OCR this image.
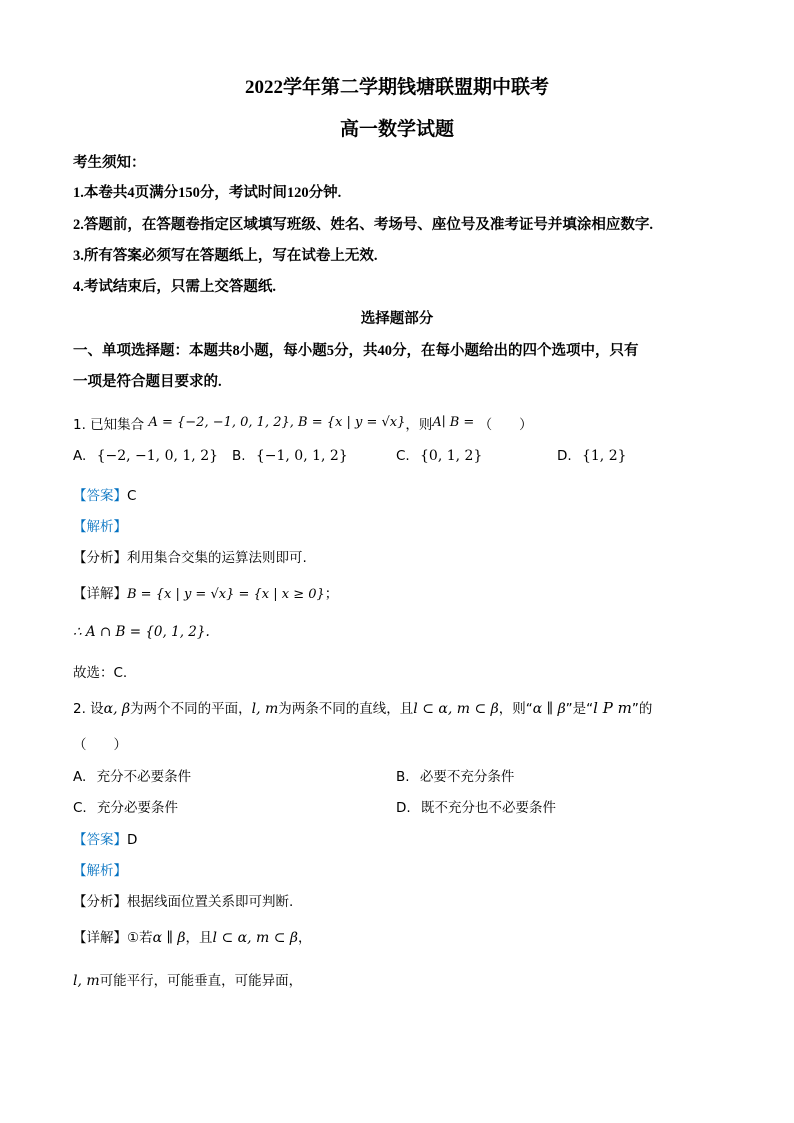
2022学年第二学期钱塘联盟期中联考
高一数学试题
考生须知：
1.本卷共4页满分150分，考试时间120分钟.
2.答题前，在答题卷指定区域填写班级、姓名、考场号、座位号及准考证号并填涂相应数字.
3.所有答案必须写在答题纸上，写在试卷上无效.
4.考试结束后，只需上交答题纸.
选择题部分
一、单项选择题：本题共8小题，每小题5分，共40分，在每小题给出的四个选项中，只有
一项是符合题目要求的.
1. 已知集合 A = {−2, −1, 0, 1, 2}, B = {x | y = √x}，则A∣ B = （　　）
A. {−2, −1, 0, 1, 2} B. {−1, 0, 1, 2}	C. {0, 1, 2}	D. {1, 2}
【答案】C
【解析】
【分析】利用集合交集的运算法则即可.
【详解】B = {x | y = √x} = {x | x ≥ 0}；
∴ A ∩ B = {0, 1, 2}.
故选：C.
2. 设α, β为两个不同的平面，l, m为两条不同的直线，且l ⊂ α, m ⊂ β，则“α ∥ β”是“l P m”的
（　　）
A. 充分不必要条件	B. 必要不充分条件
C. 充分必要条件	D. 既不充分也不必要条件
【答案】D
【解析】
【分析】根据线面位置关系即可判断.
【详解】①若α ∥ β，且l ⊂ α, m ⊂ β，
l, m可能平行，可能垂直，可能异面，
